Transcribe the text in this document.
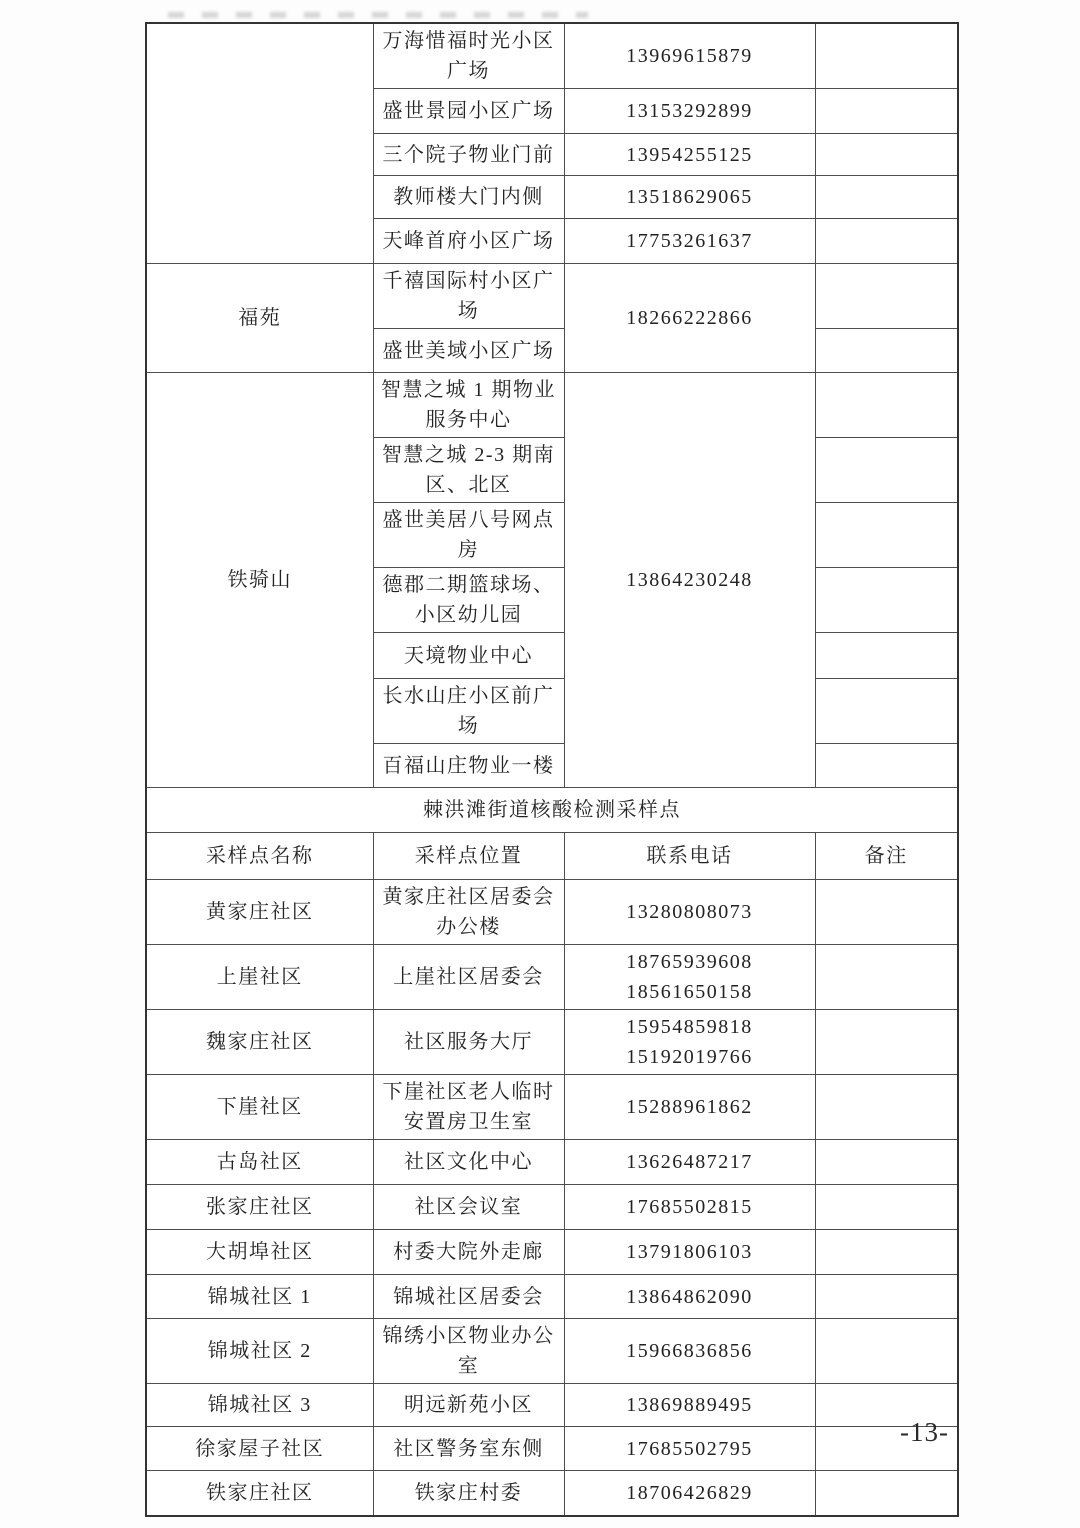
	万海惜福时光小区广场	13969615879	
	盛世景园小区广场	13153292899	
	三个院子物业门前	13954255125	
	教师楼大门内侧	13518629065	
	天峰首府小区广场	17753261637	
福苑	千禧国际村小区广场	18266222866	
	盛世美域小区广场		
铁骑山	智慧之城 1 期物业服务中心	13864230248	
	智慧之城 2-3 期南区、北区		
	盛世美居八号网点房		
	德郡二期篮球场、小区幼儿园		
	天境物业中心		
	长水山庄小区前广场		
	百福山庄物业一楼		
棘洪滩街道核酸检测采样点			
采样点名称	采样点位置	联系电话	备注
黄家庄社区	黄家庄社区居委会办公楼	13280808073	

上崖社区	上崖社区居委会	18765939608
18561650158	

魏家庄社区	社区服务大厅	15954859818
15192019766	

下崖社区	下崖社区老人临时安置房卫生室	15288961862	

古岛社区	社区文化中心	13626487217	

张家庄社区	社区会议室	17685502815	

大胡埠社区	村委大院外走廊	13791806103	

锦城社区 1	锦城社区居委会	13864862090	

锦城社区 2	锦绣小区物业办公室	15966836856	

锦城社区 3	明远新苑小区	13869889495	

徐家屋子社区	社区警务室东侧	17685502795	

铁家庄社区	铁家庄村委	18706426829	

-13-
